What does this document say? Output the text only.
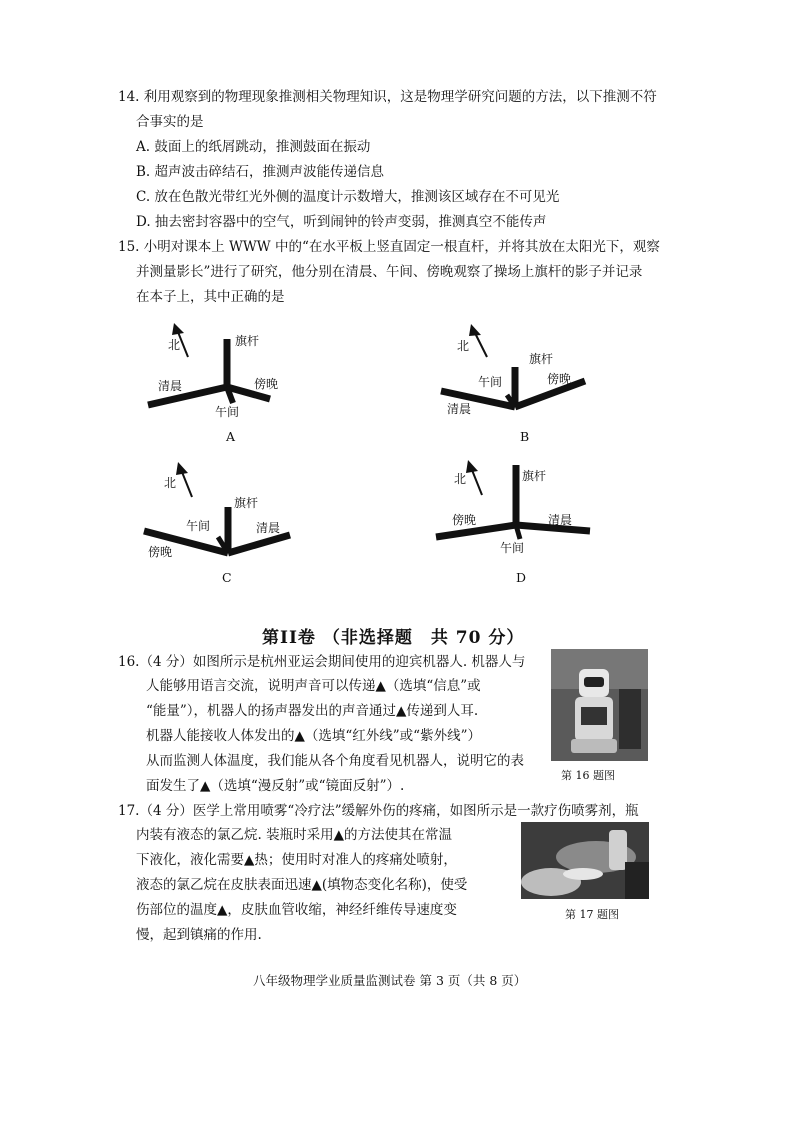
14. 利用观察到的物理现象推测相关物理知识，这是物理学研究问题的方法，以下推测不符
合事实的是
A. 鼓面上的纸屑跳动，推测鼓面在振动
B. 超声波击碎结石，推测声波能传递信息
C. 放在色散光带红光外侧的温度计示数增大，推测该区域存在不可见光
D. 抽去密封容器中的空气，听到闹钟的铃声变弱，推测真空不能传声
15. 小明对课本上 WWW 中的“在水平板上竖直固定一根直杆，并将其放在太阳光下，观察
并测量影长”进行了研究，他分别在清晨、午间、傍晚观察了操场上旗杆的影子并记录
在本子上，其中正确的是
北	旗杆
清晨	傍晚
午间
A
北
旗杆
清晨
傍晚
午间
B
北
旗杆
傍晚
清晨
午间
C
北	旗杆
傍晚	清晨
午间
D
第II卷 （非选择题　共 70 分）
16.（4 分）如图所示是杭州亚运会期间使用的迎宾机器人. 机器人与
人能够用语言交流，说明声音可以传递▲（选填“信息”或
“能量”），机器人的扬声器发出的声音通过▲传递到人耳.
机器人能接收人体发出的▲（选填“红外线”或“紫外线”）
从而监测人体温度，我们能从各个角度看见机器人，说明它的表
面发生了▲（选填“漫反射”或“镜面反射”）.
第 16 题图
17.（4 分）医学上常用喷雾“冷疗法”缓解外伤的疼痛，如图所示是一款疗伤喷雾剂，瓶
内装有液态的氯乙烷. 装瓶时采用▲的方法使其在常温
下液化，液化需要▲热；使用时对准人的疼痛处喷射，
液态的氯乙烷在皮肤表面迅速▲(填物态变化名称)，使受
伤部位的温度▲，皮肤血管收缩，神经纤维传导速度变
慢，起到镇痛的作用.
第 17 题图
八年级物理学业质量监测试卷 第 3 页（共 8 页）
